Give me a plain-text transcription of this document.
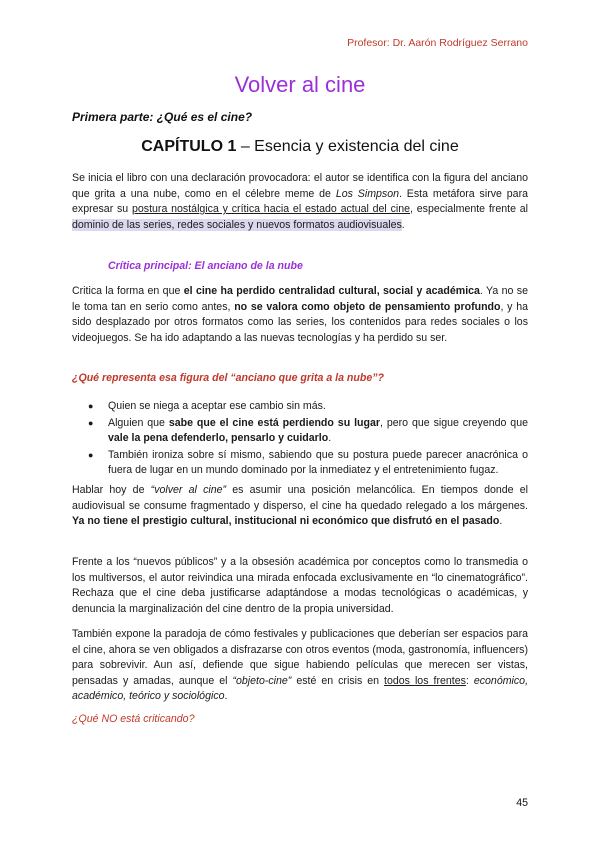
Profesor: Dr. Aarón Rodríguez Serrano
Volver al cine
Primera parte: ¿Qué es el cine?
CAPÍTULO 1 – Esencia y existencia del cine
Se inicia el libro con una declaración provocadora: el autor se identifica con la figura del anciano que grita a una nube, como en el célebre meme de Los Simpson. Esta metáfora sirve para expresar su postura nostálgica y crítica hacia el estado actual del cine, especialmente frente al dominio de las series, redes sociales y nuevos formatos audiovisuales.
Crítica principal: El anciano de la nube
Critica la forma en que el cine ha perdido centralidad cultural, social y académica. Ya no se le toma tan en serio como antes, no se valora como objeto de pensamiento profundo, y ha sido desplazado por otros formatos como las series, los contenidos para redes sociales o los videojuegos. Se ha ido adaptando a las nuevas tecnologías y ha perdido su ser.
¿Qué representa esa figura del “anciano que grita a la nube”?
● Quien se niega a aceptar ese cambio sin más.
● Alguien que sabe que el cine está perdiendo su lugar, pero que sigue creyendo que vale la pena defenderlo, pensarlo y cuidarlo.
● También ironiza sobre sí mismo, sabiendo que su postura puede parecer anacrónica o fuera de lugar en un mundo dominado por la inmediatez y el entretenimiento fugaz.
Hablar hoy de “volver al cine” es asumir una posición melancólica. En tiempos donde el audiovisual se consume fragmentado y disperso, el cine ha quedado relegado a los márgenes. Ya no tiene el prestigio cultural, institucional ni económico que disfrutó en el pasado.
Frente a los “nuevos públicos” y a la obsesión académica por conceptos como lo transmedia o los multiversos, el autor reivindica una mirada enfocada exclusivamente en “lo cinematográfico”. Rechaza que el cine deba justificarse adaptándose a modas tecnológicas o académicas, y denuncia la marginalización del cine dentro de la propia universidad.
También expone la paradoja de cómo festivales y publicaciones que deberían ser espacios para el cine, ahora se ven obligados a disfrazarse con otros eventos (moda, gastronomía, influencers) para sobrevivir. Aun así, defiende que sigue habiendo películas que merecen ser vistas, pensadas y amadas, aunque el “objeto-cine” esté en crisis en todos los frentes: económico, académico, teórico y sociológico.
¿Qué NO está criticando?
45
